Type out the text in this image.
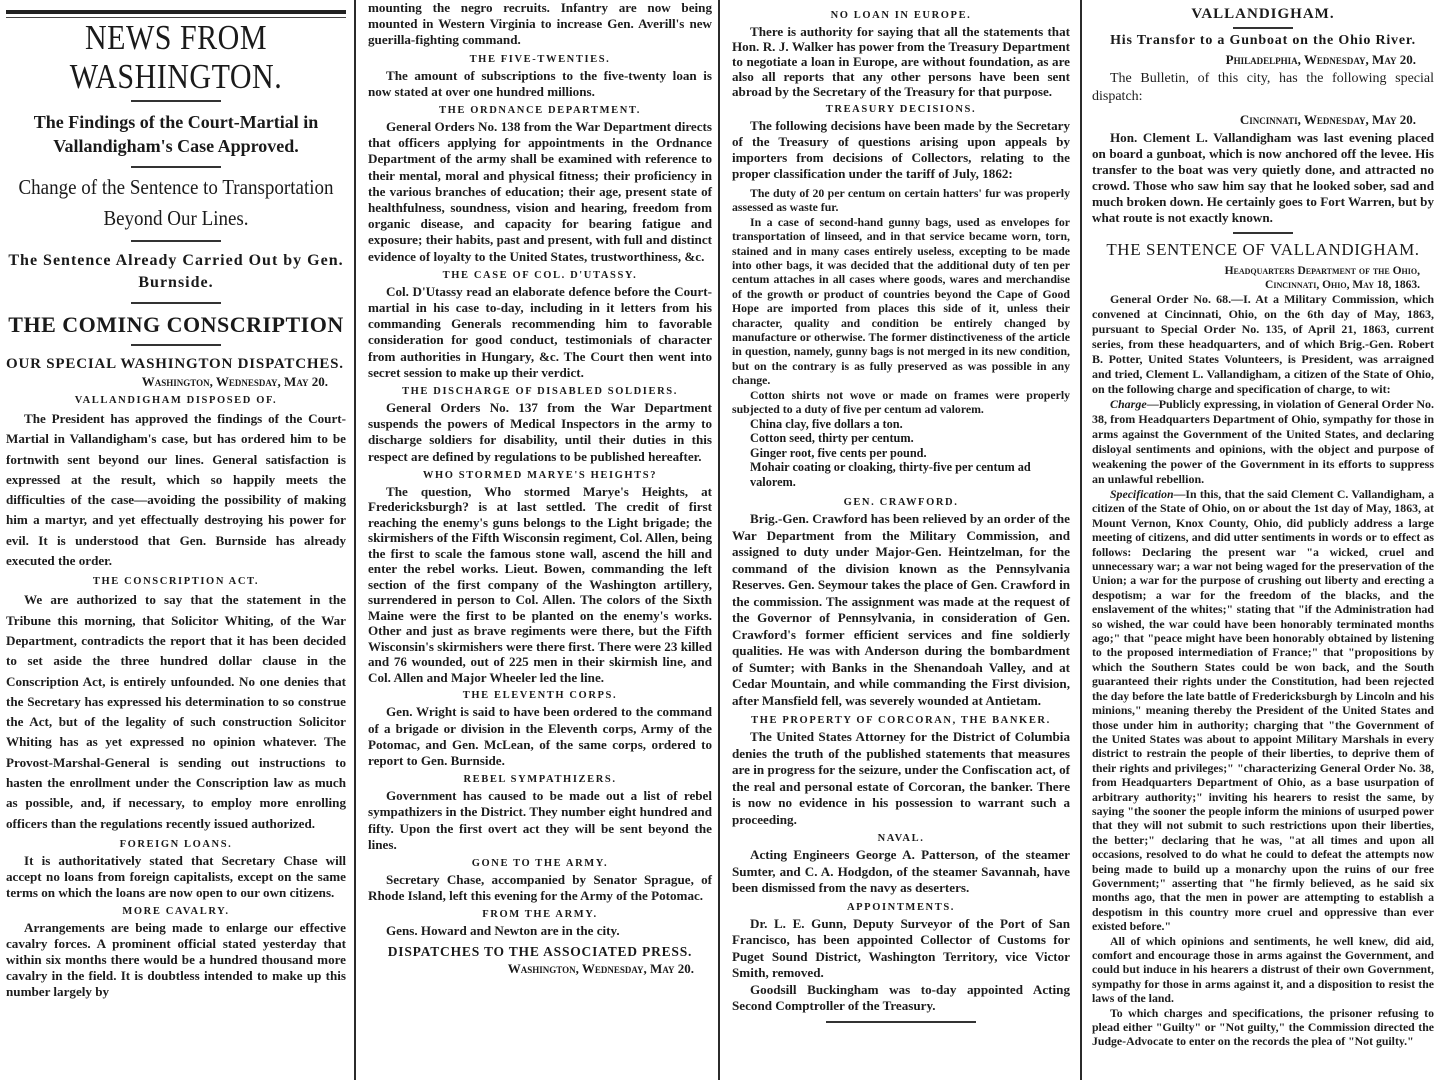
NEWS FROM WASHINGTON.
The Findings of the Court-Martial in Vallandigham's Case Approved.
Change of the Sentence to Transportation Beyond Our Lines.
The Sentence Already Carried Out by Gen. Burnside.
THE COMING CONSCRIPTION
OUR SPECIAL WASHINGTON DISPATCHES.
Washington, Wednesday, May 20.
VALLANDIGHAM DISPOSED OF.

The President has approved the findings of the Court-Martial in Vallandigham's case, but has ordered him to be fortnwith sent beyond our lines. General satisfaction is expressed at the result, which so happily meets the difficulties of the case—avoiding the possibility of making him a martyr, and yet effectually destroying his power for evil. It is understood that Gen. Burnside has already executed the order.

THE CONSCRIPTION ACT.

We are authorized to say that the statement in the Tribune this morning, that Solicitor Whiting, of the War Department, contradicts the report that it has been decided to set aside the three hundred dollar clause in the Conscription Act, is entirely unfounded. No one denies that the Secretary has expressed his determination to so construe the Act, but of the legality of such construction Solicitor Whiting has as yet expressed no opinion whatever. The Provost-Marshal-General is sending out instructions to hasten the enrollment under the Conscription law as much as possible, and, if necessary, to employ more enrolling officers than the regulations recently issued authorized.

FOREIGN LOANS.

It is authoritatively stated that Secretary Chase will accept no loans from foreign capitalists, except on the same terms on which the loans are now open to our own citizens.

MORE CAVALRY.

Arrangements are being made to enlarge our effective cavalry forces. A prominent official stated yesterday that within six months there would be a hundred thousand more cavalry in the field. It is doubtless intended to make up this number largely by

mounting the negro recruits. Infantry are now being mounted in Western Virginia to increase Gen. Averill's new guerilla-fighting command.

THE FIVE-TWENTIES.

The amount of subscriptions to the five-twenty loan is now stated at over one hundred millions.

THE ORDNANCE DEPARTMENT.

General Orders No. 138 from the War Department directs that officers applying for appointments in the Ordnance Department of the army shall be examined with reference to their mental, moral and physical fitness; their proficiency in the various branches of education; their age, present state of healthfulness, soundness, vision and hearing, freedom from organic disease, and capacity for bearing fatigue and exposure; their habits, past and present, with full and distinct evidence of loyalty to the United States, trustworthiness, &c.

THE CASE OF COL. D'UTASSY.

Col. D'Utassy read an elaborate defence before the Court-martial in his case to-day, including in it letters from his commanding Generals recommending him to favorable consideration for good conduct, testimonials of character from authorities in Hungary, &c. The Court then went into secret session to make up their verdict.

THE DISCHARGE OF DISABLED SOLDIERS.

General Orders No. 137 from the War Department suspends the powers of Medical Inspectors in the army to discharge soldiers for disability, until their duties in this respect are defined by regulations to be published hereafter.

WHO STORMED MARYE'S HEIGHTS?

The question, Who stormed Marye's Heights, at Fredericksburgh? is at last settled. The credit of first reaching the enemy's guns belongs to the Light brigade; the skirmishers of the Fifth Wisconsin regiment, Col. Allen, being the first to scale the famous stone wall, ascend the hill and enter the rebel works. Lieut. Bowen, commanding the left section of the first company of the Washington artillery, surrendered in person to Col. Allen. The colors of the Sixth Maine were the first to be planted on the enemy's works. Other and just as brave regiments were there, but the Fifth Wisconsin's skirmishers were there first. There were 23 killed and 76 wounded, out of 225 men in their skirmish line, and Col. Allen and Major Wheeler led the line.

THE ELEVENTH CORPS.

Gen. Wright is said to have been ordered to the command of a brigade or division in the Eleventh corps, Army of the Potomac, and Gen. McLean, of the same corps, ordered to report to Gen. Burnside.

REBEL SYMPATHIZERS.

Government has caused to be made out a list of rebel sympathizers in the District. They number eight hundred and fifty. Upon the first overt act they will be sent beyond the lines.

GONE TO THE ARMY.

Secretary Chase, accompanied by Senator Sprague, of Rhode Island, left this evening for the Army of the Potomac.

FROM THE ARMY.

Gens. Howard and Newton are in the city.

DISPATCHES TO THE ASSOCIATED PRESS.
Washington, Wednesday, May 20.
NO LOAN IN EUROPE.

There is authority for saying that all the statements that Hon. R. J. Walker has power from the Treasury Department to negotiate a loan in Europe, are without foundation, as are also all reports that any other persons have been sent abroad by the Secretary of the Treasury for that purpose.

TREASURY DECISIONS.

The following decisions have been made by the Secretary of the Treasury of questions arising upon appeals by importers from decisions of Collectors, relating to the proper classification under the tariff of July, 1862:

The duty of 20 per centum on certain hatters' fur was properly assessed as waste fur.

In a case of second-hand gunny bags, used as envelopes for transportation of linseed, and in that service became worn, torn, stained and in many cases entirely useless, excepting to be made into other bags, it was decided that the additional duty of ten per centum attaches in all cases where goods, wares and merchandise of the growth or product of countries beyond the Cape of Good Hope are imported from places this side of it, unless their character, quality and condition be entirely changed by manufacture or otherwise. The former distinctiveness of the article in question, namely, gunny bags is not merged in its new condition, but on the contrary is as fully preserved as was possible in any change.

Cotton shirts not wove or made on frames were properly subjected to a duty of five per centum ad valorem.

China clay, five dollars a ton.
Cotton seed, thirty per centum.
Ginger root, five cents per pound.
Mohair coating or cloaking, thirty-five per centum ad valorem.
GEN. CRAWFORD.

Brig.-Gen. Crawford has been relieved by an order of the War Department from the Military Commission, and assigned to duty under Major-Gen. Heintzelman, for the command of the division known as the Pennsylvania Reserves. Gen. Seymour takes the place of Gen. Crawford in the commission. The assignment was made at the request of the Governor of Pennsylvania, in consideration of Gen. Crawford's former efficient services and fine soldierly qualities. He was with Anderson during the bombardment of Sumter; with Banks in the Shenandoah Valley, and at Cedar Mountain, and while commanding the First division, after Mansfield fell, was severely wounded at Antietam.

THE PROPERTY OF CORCORAN, THE BANKER.

The United States Attorney for the District of Columbia denies the truth of the published statements that measures are in progress for the seizure, under the Confiscation act, of the real and personal estate of Corcoran, the banker. There is now no evidence in his possession to warrant such a proceeding.

NAVAL.

Acting Engineers George A. Patterson, of the steamer Sumter, and C. A. Hodgdon, of the steamer Savannah, have been dismissed from the navy as deserters.

APPOINTMENTS.

Dr. L. E. Gunn, Deputy Surveyor of the Port of San Francisco, has been appointed Collector of Customs for Puget Sound District, Washington Territory, vice Victor Smith, removed.

Goodsill Buckingham was to-day appointed Acting Second Comptroller of the Treasury.

VALLANDIGHAM.
His Transfor to a Gunboat on the Ohio River.
Philadelphia, Wednesday, May 20.

The Bulletin, of this city, has the following special dispatch:

Cincinnati, Wednesday, May 20.

Hon. Clement L. Vallandigham was last evening placed on board a gunboat, which is now anchored off the levee. His transfer to the boat was very quietly done, and attracted no crowd. Those who saw him say that he looked sober, sad and much broken down. He certainly goes to Fort Warren, but by what route is not exactly known.

THE SENTENCE OF VALLANDIGHAM.
Headquarters Department of the Ohio,
Cincinnati, Ohio, May 18, 1863.

General Order No. 68.—I. At a Military Commission, which convened at Cincinnati, Ohio, on the 6th day of May, 1863, pursuant to Special Order No. 135, of April 21, 1863, current series, from these headquarters, and of which Brig.-Gen. Robert B. Potter, United States Volunteers, is President, was arraigned and tried, Clement L. Vallandigham, a citizen of the State of Ohio, on the following charge and specification of charge, to wit:

Charge—Publicly expressing, in violation of General Order No. 38, from Headquarters Department of Ohio, sympathy for those in arms against the Government of the United States, and declaring disloyal sentiments and opinions, with the object and purpose of weakening the power of the Government in its efforts to suppress an unlawful rebellion.

Specification—In this, that the said Clement C. Vallandigham, a citizen of the State of Ohio, on or about the 1st day of May, 1863, at Mount Vernon, Knox County, Ohio, did publicly address a large meeting of citizens, and did utter sentiments in words or to effect as follows: Declaring the present war "a wicked, cruel and unnecessary war; a war not being waged for the preservation of the Union; a war for the purpose of crushing out liberty and erecting a despotism; a war for the freedom of the blacks, and the enslavement of the whites;" stating that "if the Administration had so wished, the war could have been honorably terminated months ago;" that "peace might have been honorably obtained by listening to the proposed intermediation of France;" that "propositions by which the Southern States could be won back, and the South guaranteed their rights under the Constitution, had been rejected the day before the late battle of Fredericksburgh by Lincoln and his minions," meaning thereby the President of the United States and those under him in authority; charging that "the Government of the United States was about to appoint Military Marshals in every district to restrain the people of their liberties, to deprive them of their rights and privileges;" "characterizing General Order No. 38, from Headquarters Department of Ohio, as a base usurpation of arbitrary authority;" inviting his hearers to resist the same, by saying "the sooner the people inform the minions of usurped power that they will not submit to such restrictions upon their liberties, the better;" declaring that he was, "at all times and upon all occasions, resolved to do what he could to defeat the attempts now being made to build up a monarchy upon the ruins of our free Government;" asserting that "he firmly believed, as he said six months ago, that the men in power are attempting to establish a despotism in this country more cruel and oppressive than ever existed before."

All of which opinions and sentiments, he well knew, did aid, comfort and encourage those in arms against the Government, and could but induce in his hearers a distrust of their own Government, sympathy for those in arms against it, and a disposition to resist the laws of the land.

To which charges and specifications, the prisoner refusing to plead either "Guilty" or "Not guilty," the Commission directed the Judge-Advocate to enter on the records the plea of "Not guilty."
